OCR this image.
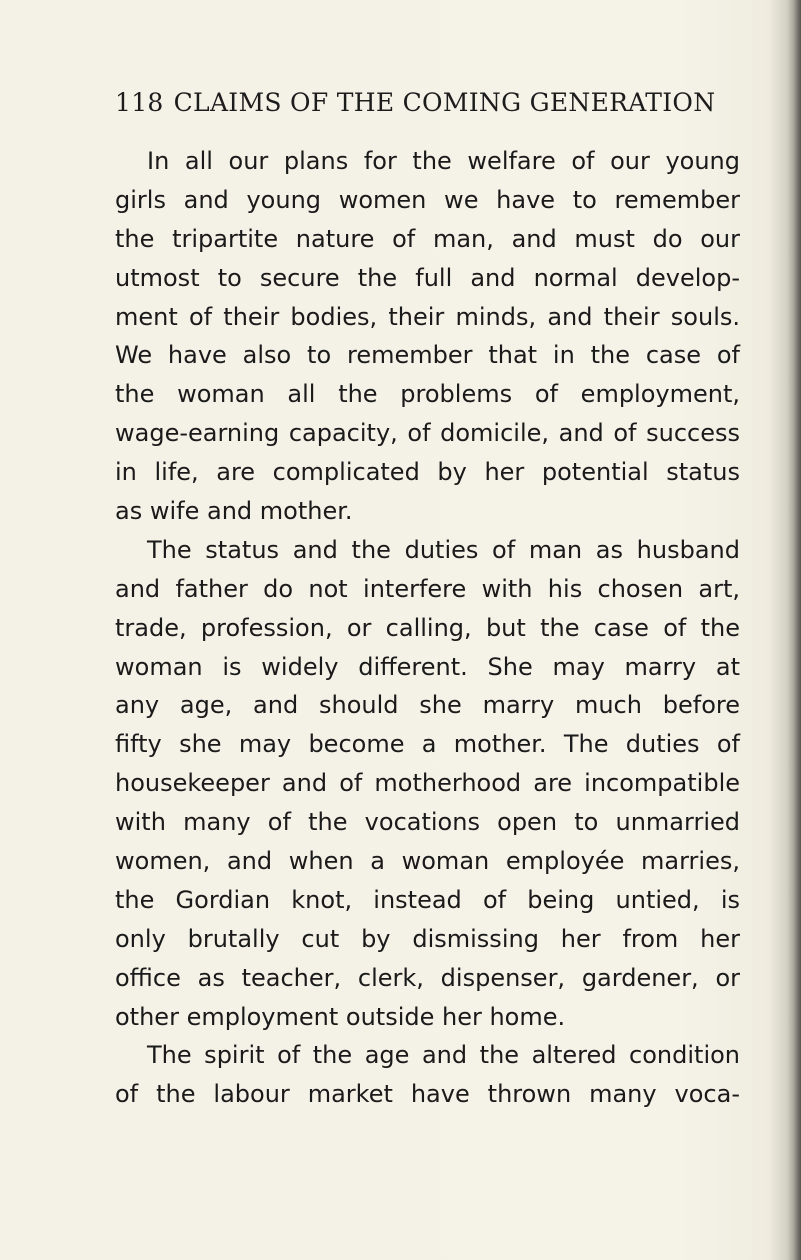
118 CLAIMS OF THE COMING GENERATION
In all our plans for the welfare of our young
girls and young women we have to remember
the tripartite nature of man, and must do our
utmost to secure the full and normal develop-
ment of their bodies, their minds, and their souls.
We have also to remember that in the case of
the woman all the problems of employment,
wage-earning capacity, of domicile, and of success
in life, are complicated by her potential status
as wife and mother.
The status and the duties of man as husband
and father do not interfere with his chosen art,
trade, profession, or calling, but the case of the
woman is widely different. She may marry at
any age, and should she marry much before
fifty she may become a mother. The duties of
housekeeper and of motherhood are incompatible
with many of the vocations open to unmarried
women, and when a woman employée marries,
the Gordian knot, instead of being untied, is
only brutally cut by dismissing her from her
office as teacher, clerk, dispenser, gardener, or
other employment outside her home.
The spirit of the age and the altered condition
of the labour market have thrown many voca-
